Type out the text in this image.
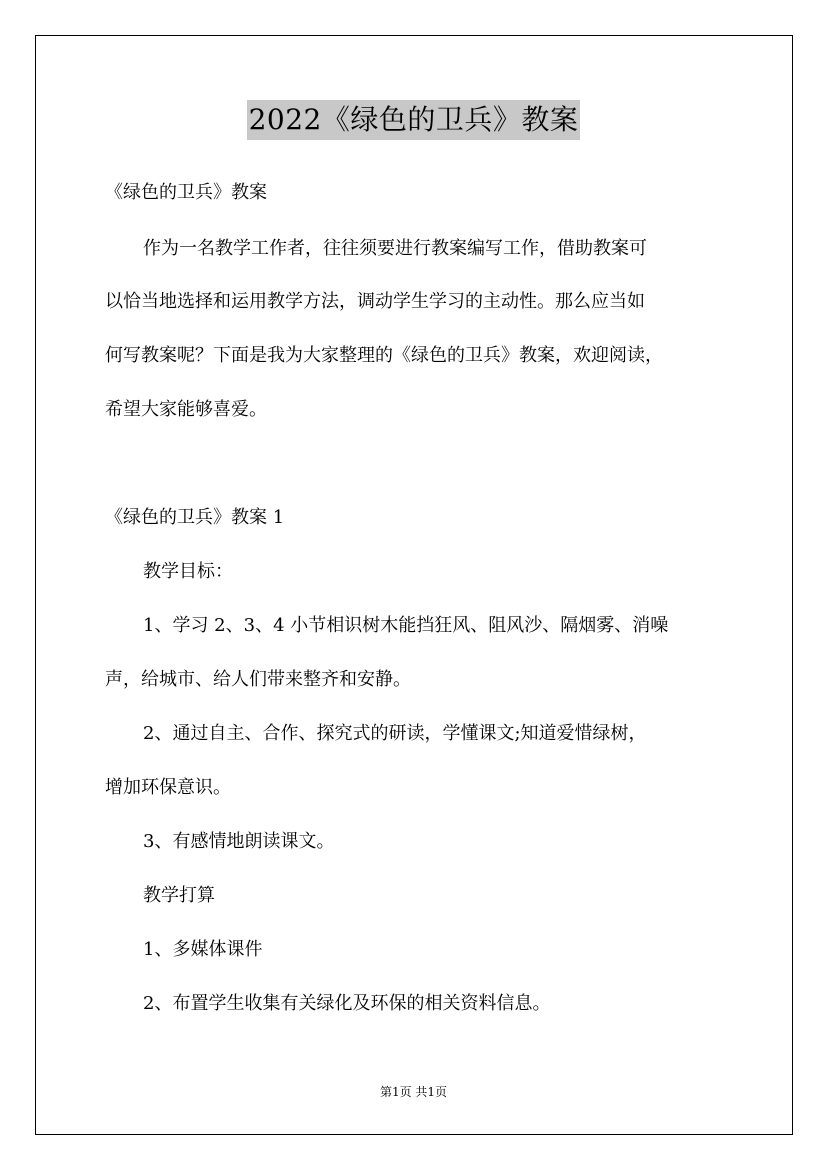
2022《绿色的卫兵》教案
《绿色的卫兵》教案
作为一名教学工作者，往往须要进行教案编写工作，借助教案可
以恰当地选择和运用教学方法，调动学生学习的主动性。那么应当如
何写教案呢？下面是我为大家整理的《绿色的卫兵》教案，欢迎阅读，
希望大家能够喜爱。
《绿色的卫兵》教案 1
教学目标：
1、学习 2、3、4 小节相识树木能挡狂风、阻风沙、隔烟雾、消噪
声，给城市、给人们带来整齐和安静。
2、通过自主、合作、探究式的研读，学懂课文;知道爱惜绿树，
增加环保意识。
3、有感情地朗读课文。
教学打算
1、多媒体课件
2、布置学生收集有关绿化及环保的相关资料信息。
第1页 共1页
